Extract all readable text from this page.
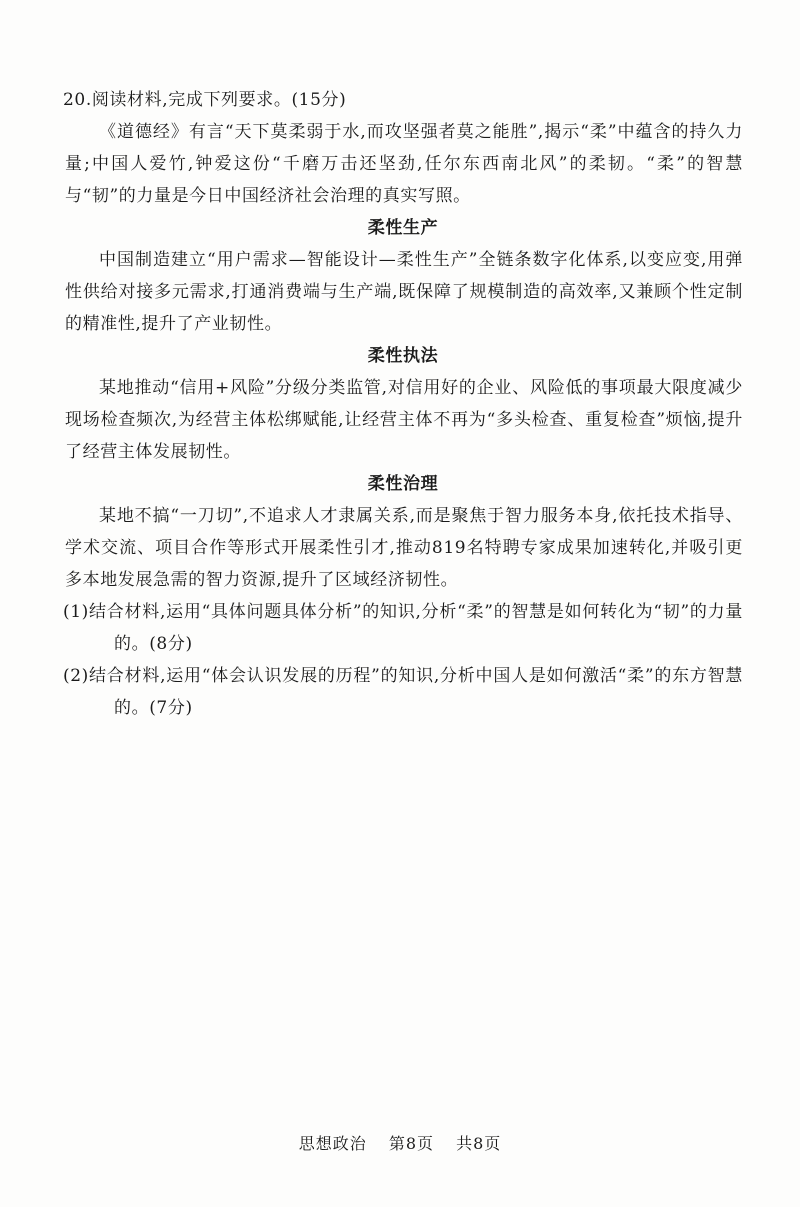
20.阅读材料,完成下列要求。(15分)

《道德经》有言“天下莫柔弱于水,而攻坚强者莫之能胜”,揭示“柔”中蕴含的持久力量;中国人爱竹,钟爱这份“千磨万击还坚劲,任尔东西南北风”的柔韧。“柔”的智慧与“韧”的力量是今日中国经济社会治理的真实写照。

柔性生产

中国制造建立“用户需求—智能设计—柔性生产”全链条数字化体系,以变应变,用弹性供给对接多元需求,打通消费端与生产端,既保障了规模制造的高效率,又兼顾个性定制的精准性,提升了产业韧性。

柔性执法

某地推动“信用+风险”分级分类监管,对信用好的企业、风险低的事项最大限度减少现场检查频次,为经营主体松绑赋能,让经营主体不再为“多头检查、重复检查”烦恼,提升了经营主体发展韧性。

柔性治理

某地不搞“一刀切”,不追求人才隶属关系,而是聚焦于智力服务本身,依托技术指导、学术交流、项目合作等形式开展柔性引才,推动819名特聘专家成果加速转化,并吸引更多本地发展急需的智力资源,提升了区域经济韧性。

(1)结合材料,运用“具体问题具体分析”的知识,分析“柔”的智慧是如何转化为“韧”的力量的。(8分)

(2)结合材料,运用“体会认识发展的历程”的知识,分析中国人是如何激活“柔”的东方智慧的。(7分)

思想政治 第8页 共8页
